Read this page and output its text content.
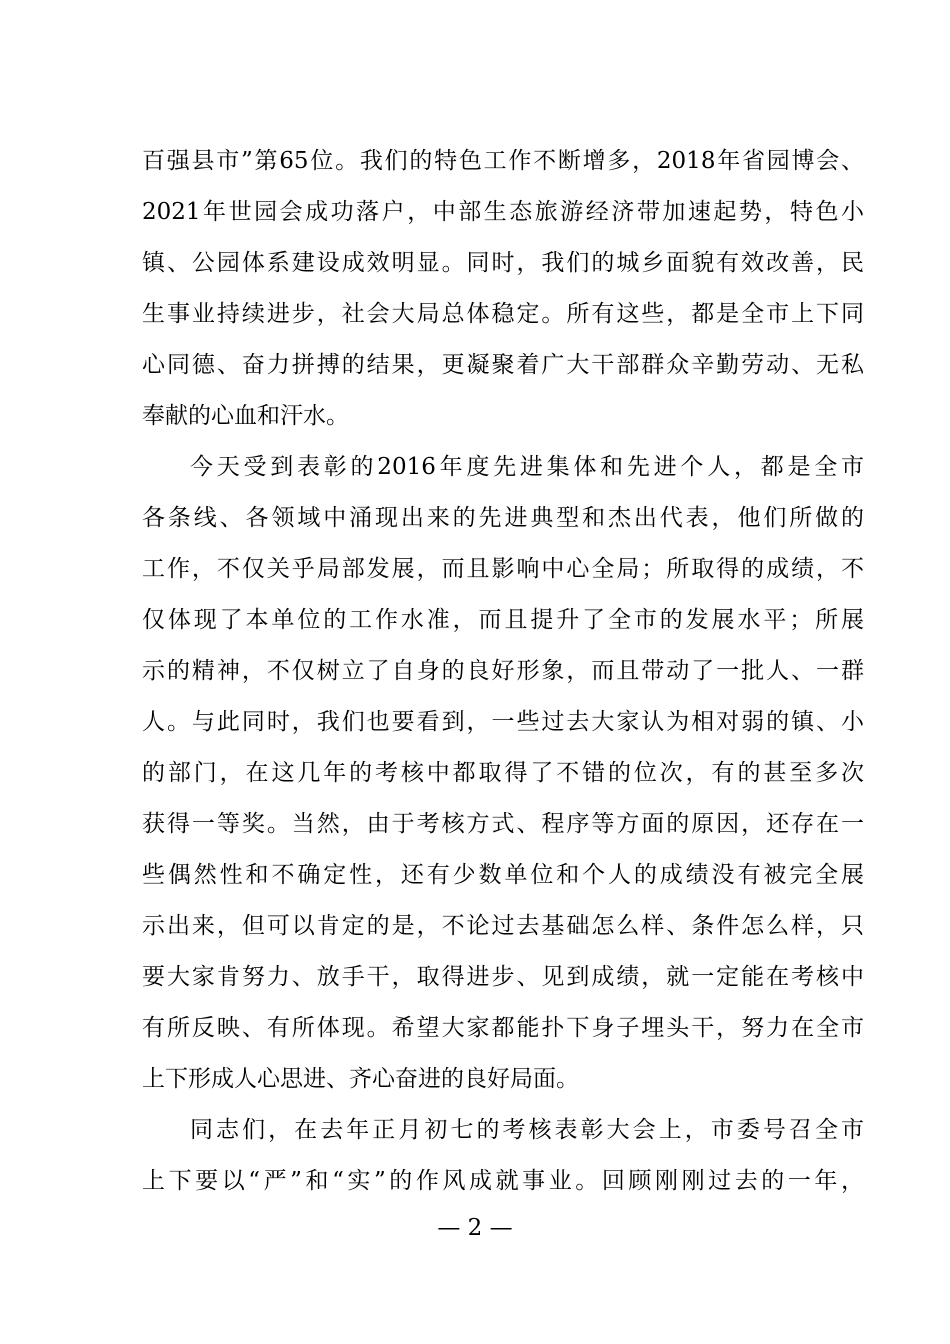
百强县市”第65位。我们的特色工作不断增多，2018年省园博会、
2021年世园会成功落户，中部生态旅游经济带加速起势，特色小
镇、公园体系建设成效明显。同时，我们的城乡面貌有效改善，民
生事业持续进步，社会大局总体稳定。所有这些，都是全市上下同
心同德、奋力拼搏的结果，更凝聚着广大干部群众辛勤劳动、无私
奉献的心血和汗水。
今天受到表彰的2016年度先进集体和先进个人，都是全市
各条线、各领域中涌现出来的先进典型和杰出代表，他们所做的
工作，不仅关乎局部发展，而且影响中心全局；所取得的成绩，不
仅体现了本单位的工作水准，而且提升了全市的发展水平；所展
示的精神，不仅树立了自身的良好形象，而且带动了一批人、一群
人。与此同时，我们也要看到，一些过去大家认为相对弱的镇、小
的部门，在这几年的考核中都取得了不错的位次，有的甚至多次
获得一等奖。当然，由于考核方式、程序等方面的原因，还存在一
些偶然性和不确定性，还有少数单位和个人的成绩没有被完全展
示出来，但可以肯定的是，不论过去基础怎么样、条件怎么样，只
要大家肯努力、放手干，取得进步、见到成绩，就一定能在考核中
有所反映、有所体现。希望大家都能扑下身子埋头干，努力在全市
上下形成人心思进、齐心奋进的良好局面。
同志们，在去年正月初七的考核表彰大会上，市委号召全市
上下要以“严”和“实”的作风成就事业。回顾刚刚过去的一年，
— 2 —
